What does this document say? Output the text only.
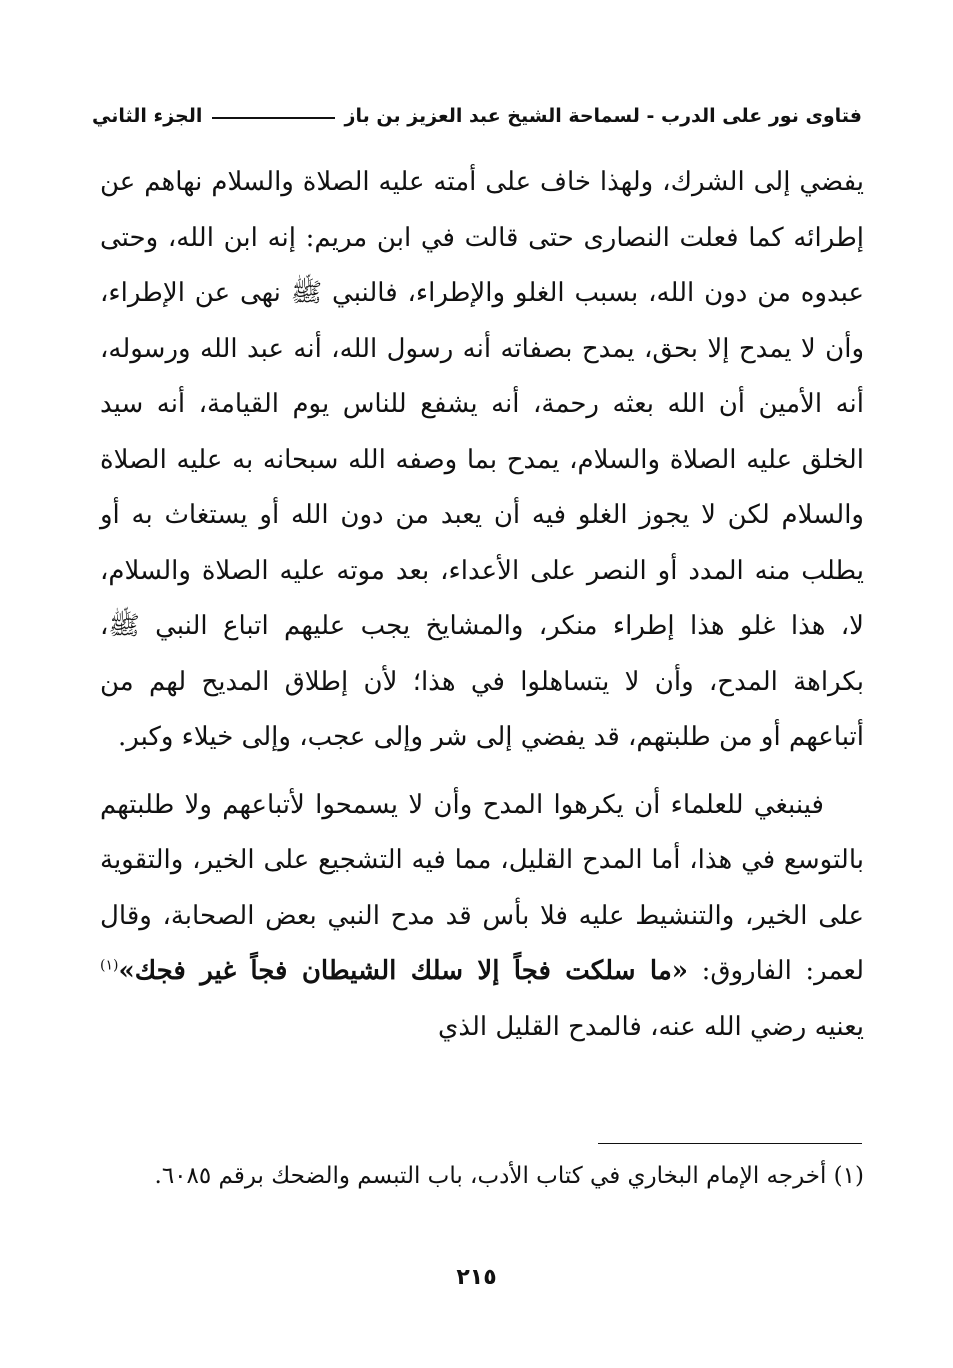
فتاوى نور على الدرب - لسماحة الشيخ عبد العزيز بن باز
الجزء الثاني

يفضي إلى الشرك، ولهذا خاف على أمته عليه الصلاة والسلام نهاهم عن إطرائه كما فعلت النصارى حتى قالت في ابن مريم: إنه ابن الله، وحتى عبدوه من دون الله، بسبب الغلو والإطراء، فالنبي ﷺ نهى عن الإطراء، وأن لا يمدح إلا بحق، يمدح بصفاته أنه رسول الله، أنه عبد الله ورسوله، أنه الأمين أن الله بعثه رحمة، أنه يشفع للناس يوم القيامة، أنه سيد الخلق عليه الصلاة والسلام، يمدح بما وصفه الله سبحانه به عليه الصلاة والسلام لكن لا يجوز الغلو فيه أن يعبد من دون الله أو يستغاث به أو يطلب منه المدد أو النصر على الأعداء، بعد موته عليه الصلاة والسلام، لا، هذا غلو هذا إطراء منكر، والمشايخ يجب عليهم اتباع النبي ﷺ، بكراهة المدح، وأن لا يتساهلوا في هذا؛ لأن إطلاق المديح لهم من أتباعهم أو من طلبتهم، قد يفضي إلى شر وإلى عجب، وإلى خيلاء وكبر.

فينبغي للعلماء أن يكرهوا المدح وأن لا يسمحوا لأتباعهم ولا طلبتهم بالتوسع في هذا، أما المدح القليل، مما فيه التشجيع على الخير، والتقوية على الخير، والتنشيط عليه فلا بأس قد مدح النبي بعض الصحابة، وقال لعمر: الفاروق: «ما سلكت فجاً إلا سلك الشيطان فجاً غير فجك»$^{(١)}$ يعنيه رضي الله عنه، فالمدح القليل الذي

(١) أخرجه الإمام البخاري في كتاب الأدب، باب التبسم والضحك برقم ٦٠٨٥.
٢١٥
